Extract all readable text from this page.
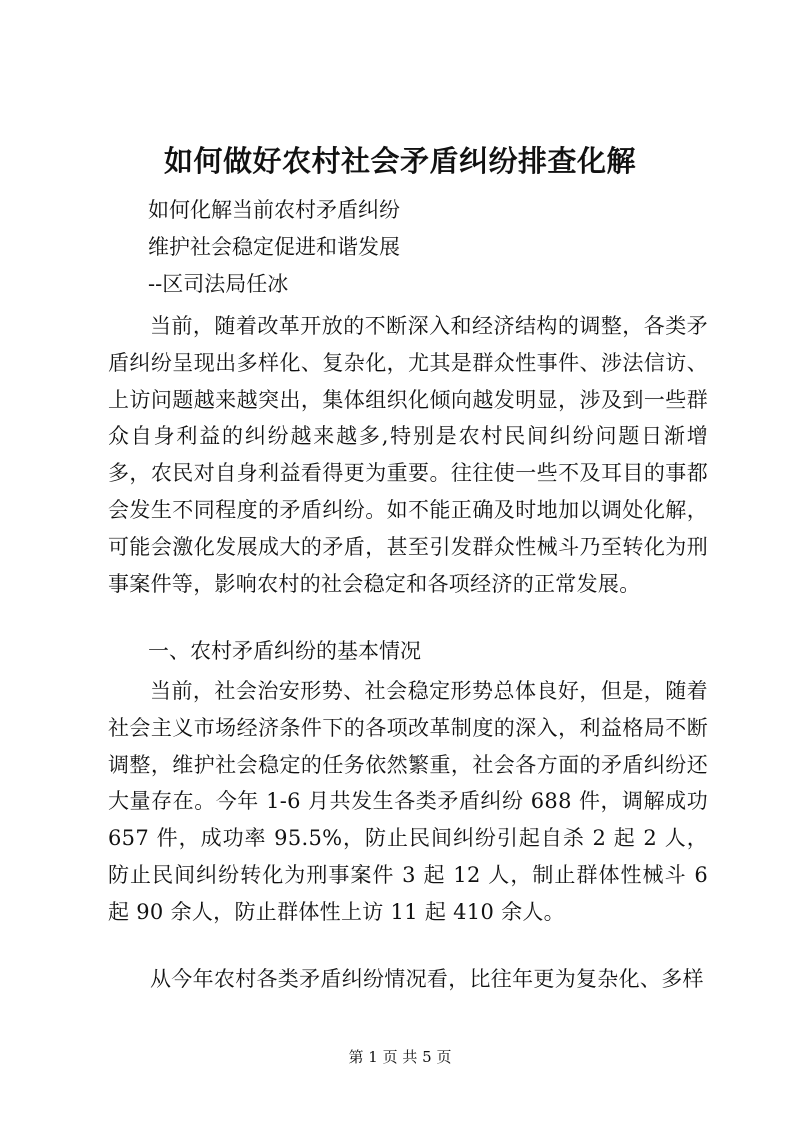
如何做好农村社会矛盾纠纷排查化解
如何化解当前农村矛盾纠纷
维护社会稳定促进和谐发展
--区司法局任冰

当前，随着改革开放的不断深入和经济结构的调整，各类矛盾纠纷呈现出多样化、复杂化，尤其是群众性事件、涉法信访、上访问题越来越突出，集体组织化倾向越发明显，涉及到一些群众自身利益的纠纷越来越多,特别是农村民间纠纷问题日渐增多，农民对自身利益看得更为重要。往往使一些不及耳目的事都会发生不同程度的矛盾纠纷。如不能正确及时地加以调处化解，可能会激化发展成大的矛盾，甚至引发群众性械斗乃至转化为刑事案件等，影响农村的社会稳定和各项经济的正常发展。

一、农村矛盾纠纷的基本情况

当前，社会治安形势、社会稳定形势总体良好，但是，随着社会主义市场经济条件下的各项改革制度的深入，利益格局不断调整，维护社会稳定的任务依然繁重，社会各方面的矛盾纠纷还大量存在。今年 1-6 月共发生各类矛盾纠纷 688 件，调解成功 657 件，成功率 95.5%，防止民间纠纷引起自杀 2 起 2 人，防止民间纠纷转化为刑事案件 3 起 12 人，制止群体性械斗 6 起 90 余人，防止群体性上访 11 起 410 余人。

从今年农村各类矛盾纠纷情况看，比往年更为复杂化、多样

第 1 页 共 5 页
